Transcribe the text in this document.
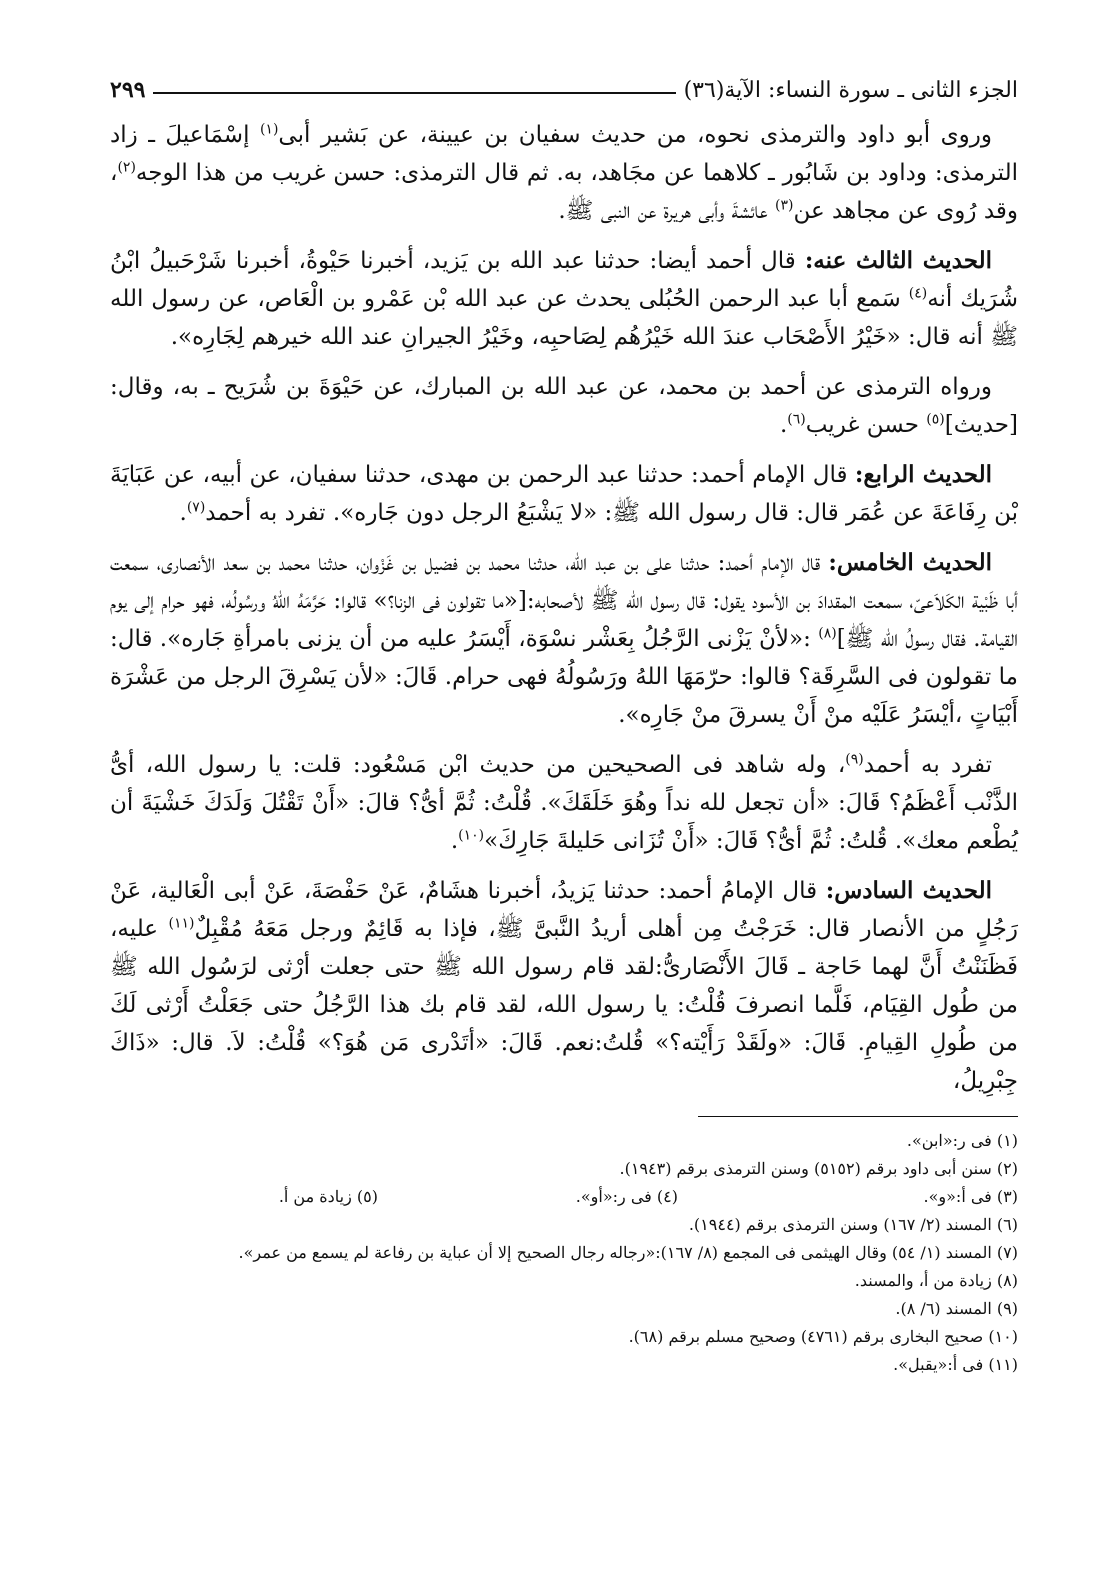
الجزء الثانى ـ سورة النساء: الآية(٣٦)
٢٩٩

وروى أبو داود والترمذى نحوه، من حديث سفيان بن عيينة، عن بَشير أبى$^{(١)}$ إسْمَاعيلَ ـ زاد الترمذى: وداود بن شَابُور ـ كلاهما عن مجَاهد، به. ثم قال الترمذى: حسن غريب من هذا الوجه$^{(٢)}$، وقد رُوى عن مجاهد عن$^{(٣)}$ عائشةَ وأبى هريرة عن النبى ﷺ.

الحديث الثالث عنه: قال أحمد أيضا: حدثنا عبد الله بن يَزيد، أخبرنا حَيْوةُ، أخبرنا شَرْحَبيلُ ابْنُ شُرَيك أنه$^{(٤)}$ سَمع أبا عبد الرحمن الحُبُلى يحدث عن عبد الله بْن عَمْرو بن الْعَاص، عن رسول الله ﷺ أنه قال: «خَيْرُ الأَصْحَاب عندَ الله خَيْرُهُم لِصَاحبِه، وخَيْرُ الجيرانِ عند الله خيرهم لِجَارِه».

ورواه الترمذى عن أحمد بن محمد، عن عبد الله بن المبارك، عن حَيْوَةَ بن شُرَيح ـ به، وقال: [حديث]$^{(٥)}$ حسن غريب$^{(٦)}$.

الحديث الرابع: قال الإمام أحمد: حدثنا عبد الرحمن بن مهدى، حدثنا سفيان، عن أبيه، عن عَبَايَةَ بْن رِفَاعَةَ عن عُمَر قال: قال رسول الله ﷺ: «لا يَشْبَعُ الرجل دون جَاره». تفرد به أحمد$^{(٧)}$.

الحديث الخامس: قال الإمام أحمد: حدثنا على بن عبد الله، حدثنا محمد بن فضيل بن غَزْوان، حدثنا محمد بن سعد الأنصارى، سمعت أبا ظَبْية الكَلاَعىّ، سمعت المقدادَ بن الأسود يقول: قال رسول الله ﷺ لأصحابه:[«ما تقولون فى الزنا؟» قالوا: حَرَّمَهُ اللهُ ورسُولُه، فهو حرام إلى يوم القيامة. فقال رسولُ الله ﷺ]$^{(٨)}$ :«لأنْ يَزْنى الرَّجُلُ بِعَشْر نسْوَة، أَيْسَرُ عليه من أن يزنى بامرأةِ جَاره». قال: ما تقولون فى السَّرِقَة؟ قالوا: حرّمَهَا اللهُ ورَسُولُهُ فهى حرام. قَالَ: «لأن يَسْرِقَ الرجل من عَشْرَة أَبْيَاتٍ ،أيْسَرُ عَلَيْه منْ أَنْ يسرقَ منْ جَارِه».

تفرد به أحمد$^{(٩)}$، وله شاهد فى الصحيحين من حديث ابْن مَسْعُود: قلت: يا رسول الله، أىُّ الذَّنْب أَعْظَمُ؟ قَالَ: «أن تجعل لله نداً وهُوَ خَلَقَكَ». قُلْتُ: ثُمَّ أىُّ؟ قالَ: «أَنْ تَقْتُلَ وَلَدَكَ خَشْيَةَ أن يُطْعم معك». قُلتُ: ثُمَّ أىُّ؟ قَالَ: «أَنْ تُزَانى حَليلةَ جَارِكَ»$^{(١٠)}$.

الحديث السادس: قال الإمامُ أحمد: حدثنا يَزيدُ، أخبرنا هشَامٌ، عَنْ حَفْصَةَ، عَنْ أبى الْعَالية، عَنْ رَجُلٍ من الأنصار قال: خَرَجْتُ مِن أهلى أريدُ النَّبىَّ ﷺ، فإذا به قَائِمٌ ورجل مَعَهُ مُقْبِلٌ$^{(١١)}$ عليه، فَظَنَنْتُ أَنَّ لهما حَاجة ـ قَالَ الأَنْصَارىُّ:لقد قام رسول الله ﷺ حتى جعلت أرْثى لرَسُول الله ﷺ من طُول القِيَام، فَلَّما انصرفَ قُلْتُ: يا رسول الله، لقد قام بك هذا الرَّجُلُ حتى جَعَلْتُ أَرْثى لَكَ من طُولِ القِيامِ. قَالَ: «ولَقَدْ رَأَيْته؟» قُلتُ:نعم. قَالَ: «أتَدْرى مَن هُوَ؟» قُلْتُ: لاَ. قال: «ذَاكَ جِبْرِيلُ،

(١) فى ر:«ابن».
(٢) سنن أبى داود برقم (٥١٥٢) وسنن الترمذى برقم (١٩٤٣).
(٣) فى أ:«و».
(٤) فى ر:«أو».
(٥) زيادة من أ.
(٦) المسند (٢/ ١٦٧) وسنن الترمذى برقم (١٩٤٤).
(٧) المسند (١/ ٥٤) وقال الهيثمى فى المجمع (٨/ ١٦٧):«رجاله رجال الصحيح إلا أن عباية بن رفاعة لم يسمع من عمر».
(٨) زيادة من أ، والمسند.
(٩) المسند (٦/ ٨).
(١٠) صحيح البخارى برقم (٤٧٦١) وصحيح مسلم برقم (٦٨).
(١١) فى أ:«يقبل».
